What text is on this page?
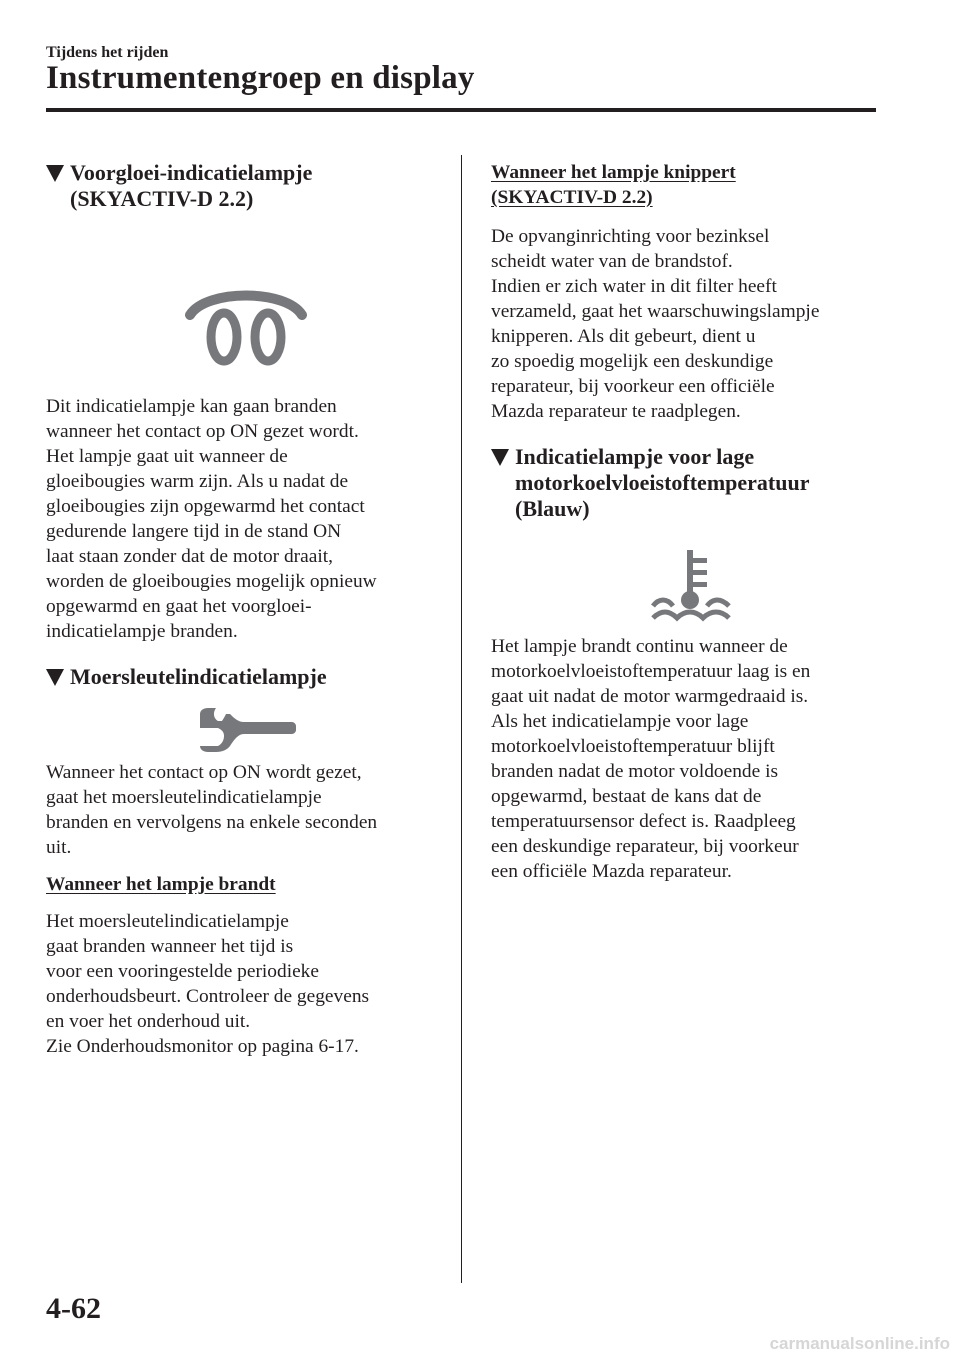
Tijdens het rijden
Instrumentengroep en display
Voorgloei-indicatielampje
(SKYACTIV-D 2.2)

Dit indicatielampje kan gaan branden
wanneer het contact op ON gezet wordt.
Het lampje gaat uit wanneer de
gloeibougies warm zijn. Als u nadat de
gloeibougies zijn opgewarmd het contact
gedurende langere tijd in de stand ON
laat staan zonder dat de motor draait,
worden de gloeibougies mogelijk opnieuw
opgewarmd en gaat het voorgloei-
indicatielampje branden.

Moersleutelindicatielampje

Wanneer het contact op ON wordt gezet,
gaat het moersleutelindicatielampje
branden en vervolgens na enkele seconden
uit.

Wanneer het lampje brandt

Het moersleutelindicatielampje
gaat branden wanneer het tijd is
voor een vooringestelde periodieke
onderhoudsbeurt. Controleer de gegevens
en voer het onderhoud uit.
Zie Onderhoudsmonitor op pagina 6-17.

Wanneer het lampje knippert
(SKYACTIV-D 2.2)

De opvanginrichting voor bezinksel
scheidt water van de brandstof.
Indien er zich water in dit filter heeft
verzameld, gaat het waarschuwingslampje
knipperen. Als dit gebeurt, dient u
zo spoedig mogelijk een deskundige
reparateur, bij voorkeur een officiële
Mazda reparateur te raadplegen.

Indicatielampje voor lage
motorkoelvloeistoftemperatuur
(Blauw)

Het lampje brandt continu wanneer de
motorkoelvloeistoftemperatuur laag is en
gaat uit nadat de motor warmgedraaid is.
Als het indicatielampje voor lage
motorkoelvloeistoftemperatuur blijft
branden nadat de motor voldoende is
opgewarmd, bestaat de kans dat de
temperatuursensor defect is. Raadpleeg
een deskundige reparateur, bij voorkeur
een officiële Mazda reparateur.

4-62
carmanualsonline.info
